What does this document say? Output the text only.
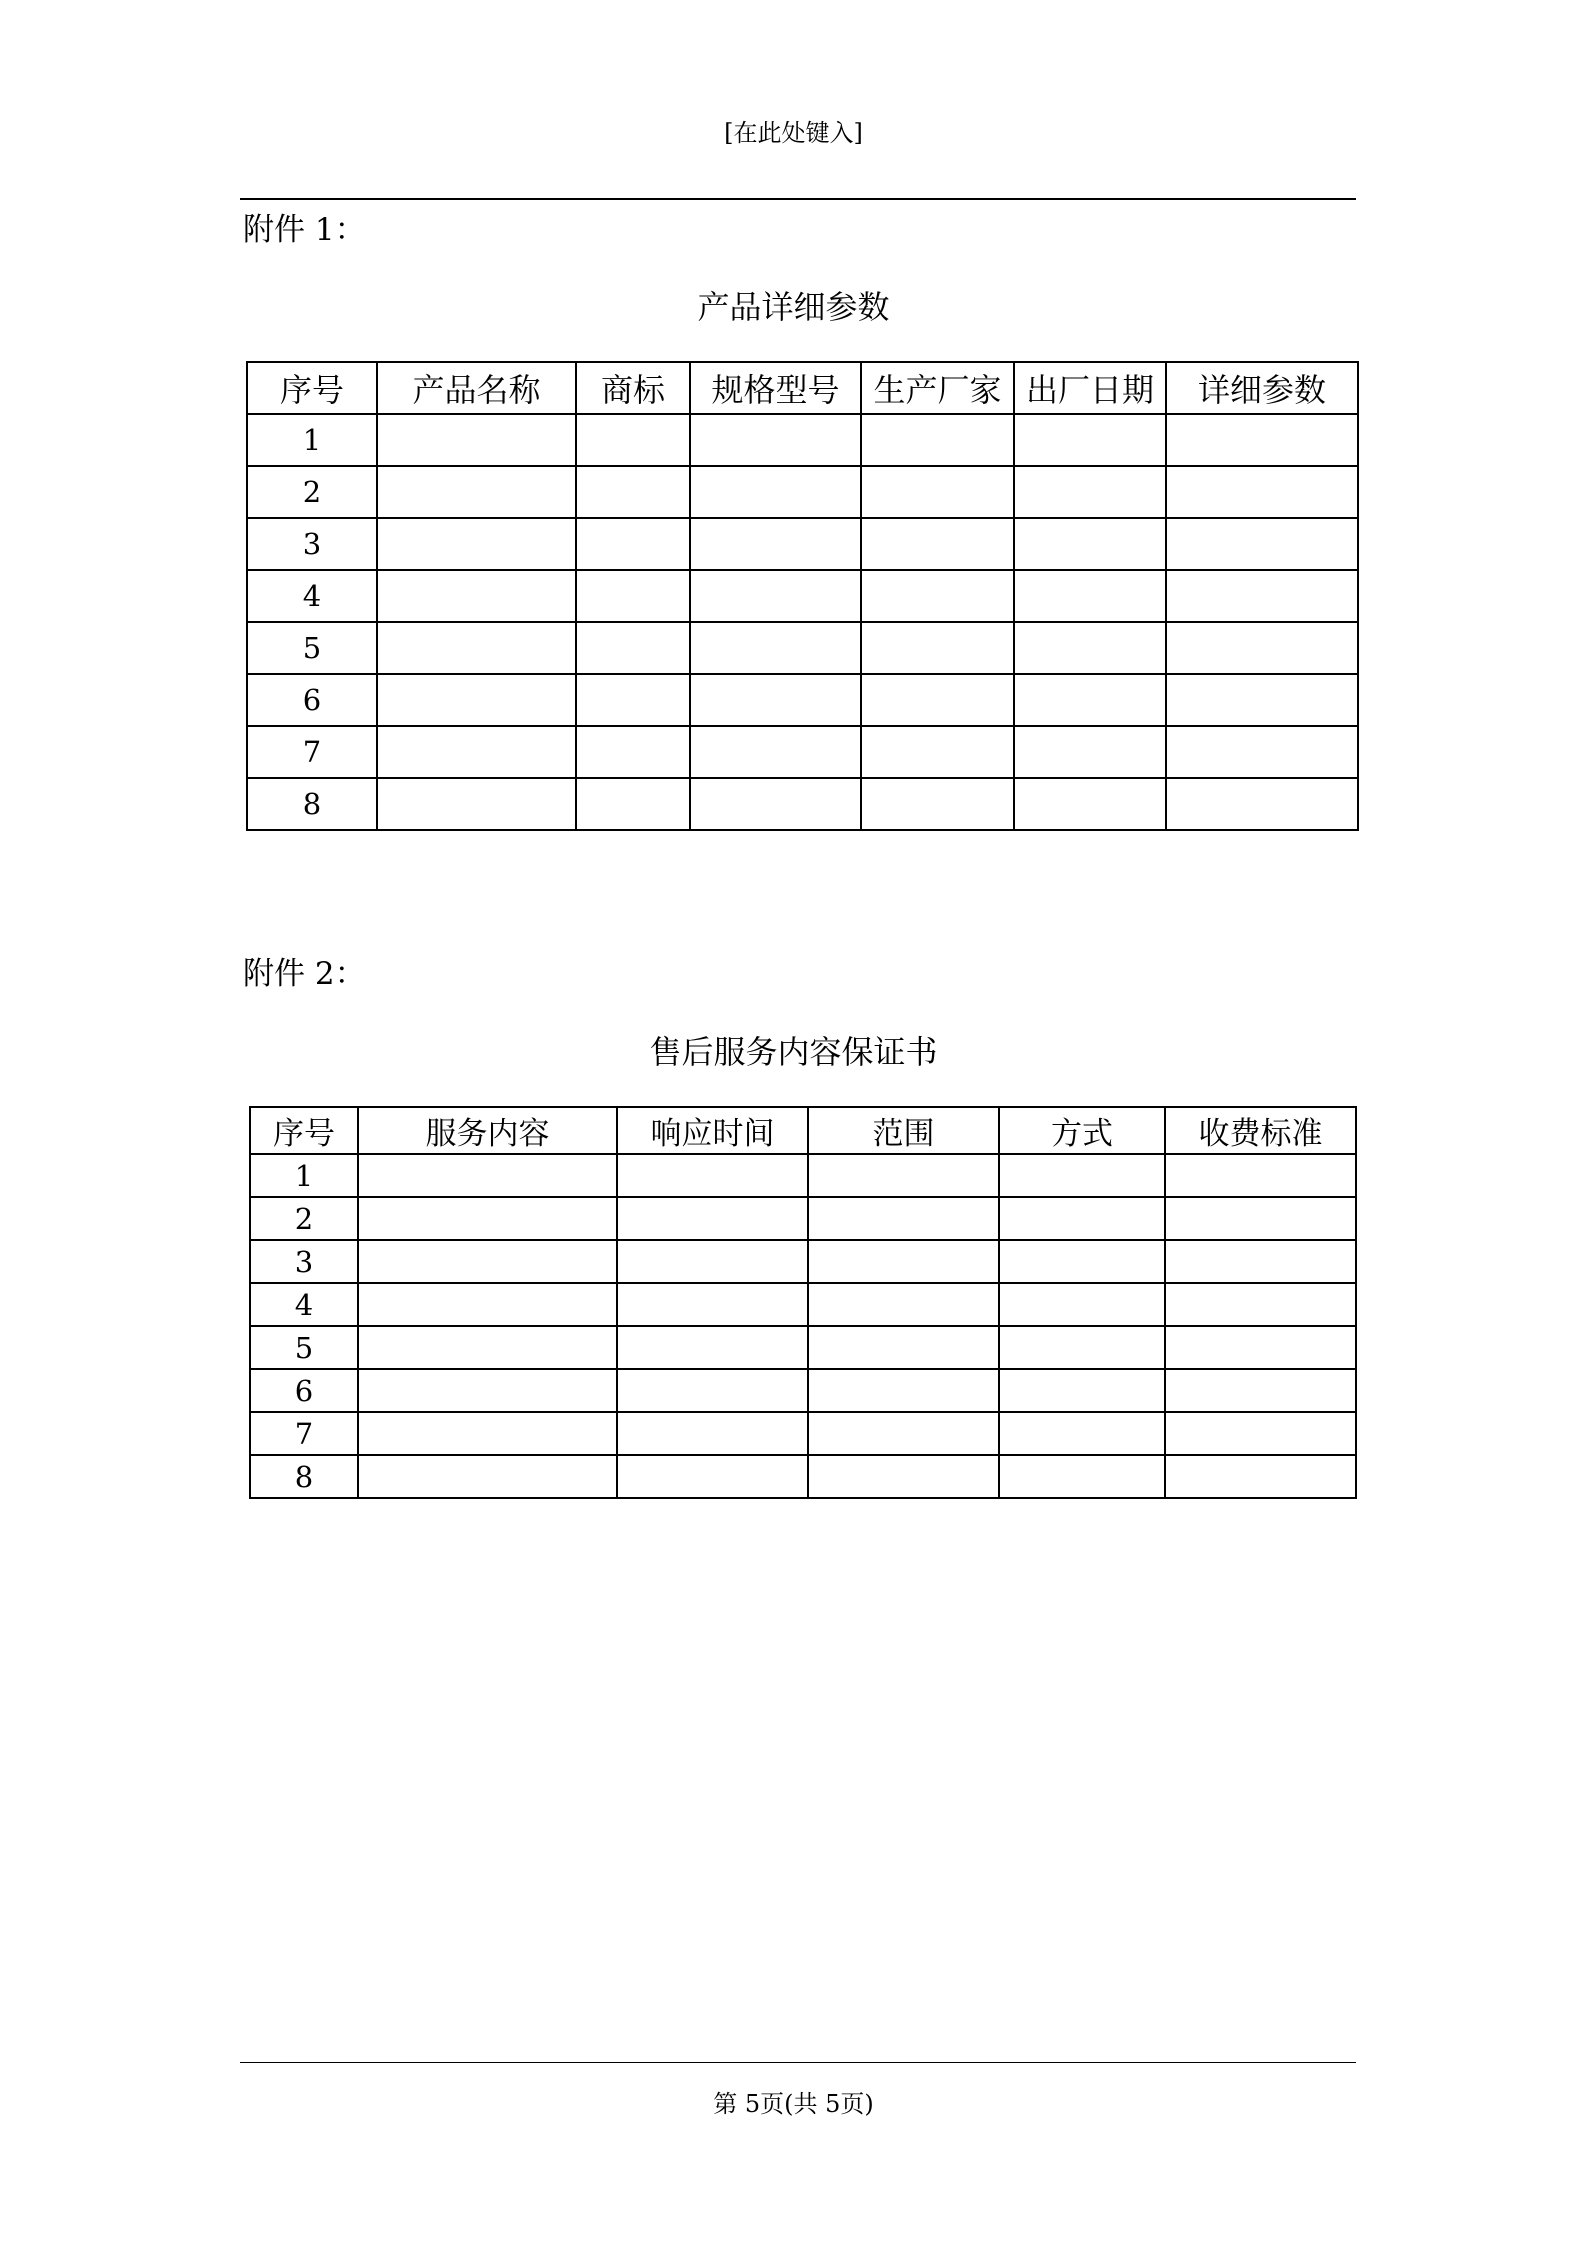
[在此处键入]
附件 1：
产品详细参数
序号	产品名称	商标	规格型号	生产厂家	出厂日期	详细参数
1						
2						
3						
4						
5						
6						
7						
8						
附件 2：
售后服务内容保证书
序号	服务内容	响应时间	范围	方式	收费标准
1					
2					
3					
4					
5					
6					
7					
8					
第 5页(共 5页)
